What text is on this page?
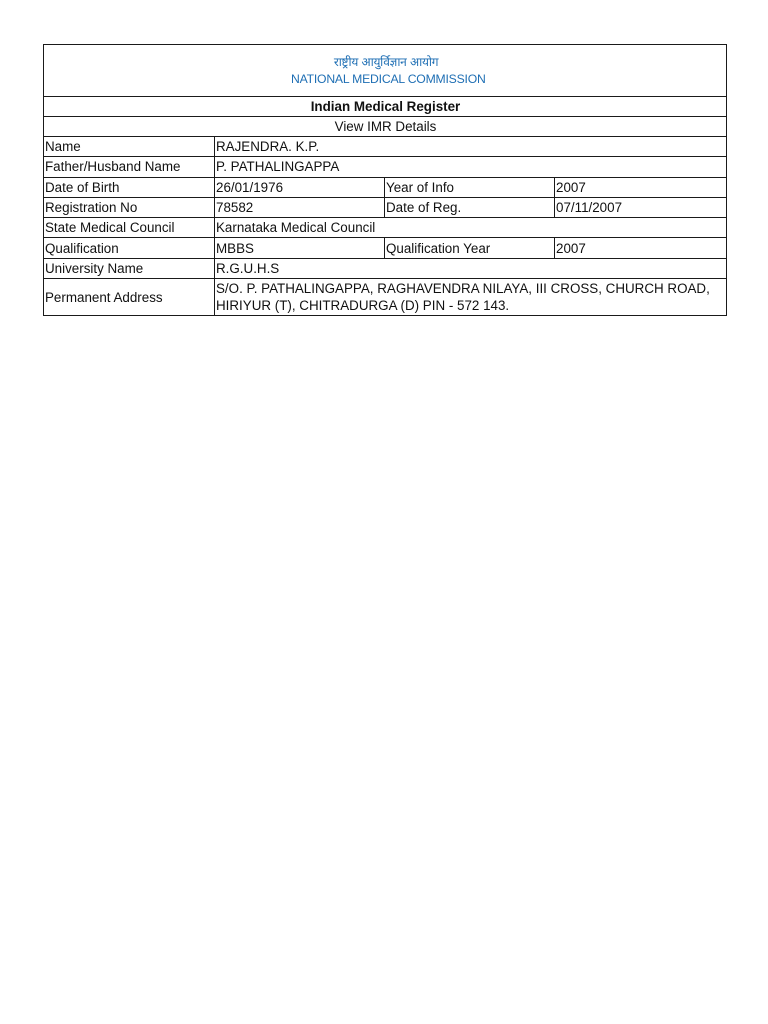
राष्ट्रीय आयुर्विज्ञान आयोग
NATIONAL MEDICAL COMMISSION			

Indian Medical Register			
View IMR Details			
Name	RAJENDRA. K.P.		
Father/Husband Name	P. PATHALINGAPPA		
Date of Birth	26/01/1976	Year of Info	2007
Registration No	78582	Date of Reg.	07/11/2007
State Medical Council	Karnataka Medical Council		
Qualification	MBBS	Qualification Year	2007
University Name	R.G.U.H.S		
Permanent Address	S/O. P. PATHALINGAPPA, RAGHAVENDRA NILAYA, III CROSS, CHURCH ROAD, HIRIYUR (T), CHITRADURGA (D) PIN - 572 143.		
